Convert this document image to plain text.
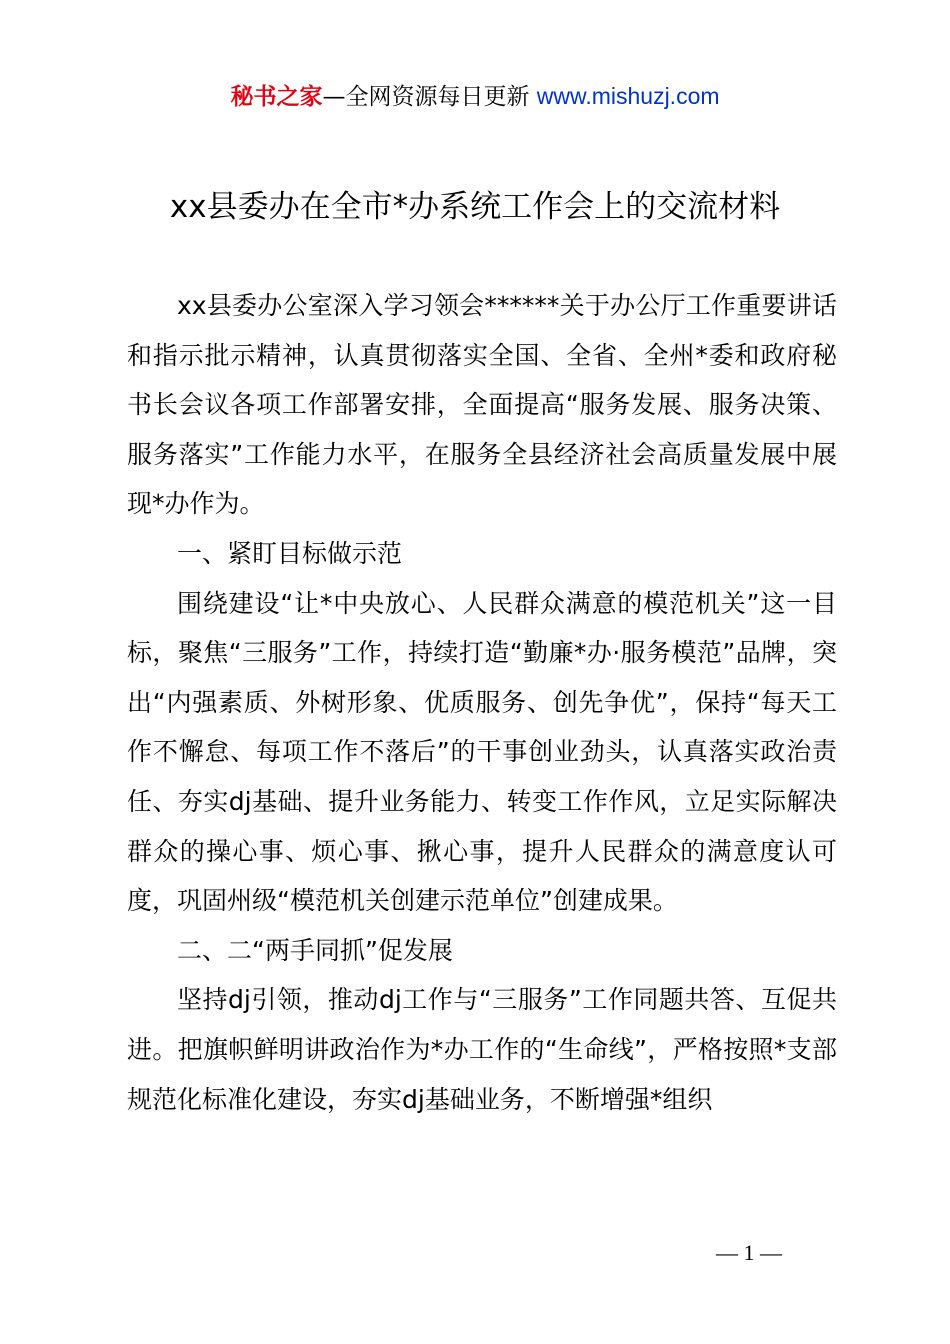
秘书之家—全网资源每日更新 www.mishuzj.com
xx县委办在全市*办系统工作会上的交流材料

xx县委办公室深入学习领会******关于办公厅工作重要讲话和指示批示精神，认真贯彻落实全国、全省、全州*委和政府秘书长会议各项工作部署安排，全面提高“服务发展、服务决策、服务落实”工作能力水平，在服务全县经济社会高质量发展中展现*办作为。

一、紧盯目标做示范

围绕建设“让*中央放心、人民群众满意的模范机关”这一目标，聚焦“三服务”工作，持续打造“勤廉*办·服务模范”品牌，突出“内强素质、外树形象、优质服务、创先争优”，保持“每天工作不懈怠、每项工作不落后”的干事创业劲头，认真落实政治责任、夯实dj基础、提升业务能力、转变工作作风，立足实际解决群众的操心事、烦心事、揪心事，提升人民群众的满意度认可度，巩固州级“模范机关创建示范单位”创建成果。

二、二“两手同抓”促发展

坚持dj引领，推动dj工作与“三服务”工作同题共答、互促共进。把旗帜鲜明讲政治作为*办工作的“生命线”，严格按照*支部规范化标准化建设，夯实dj基础业务，不断增强*组织

— 1 —
